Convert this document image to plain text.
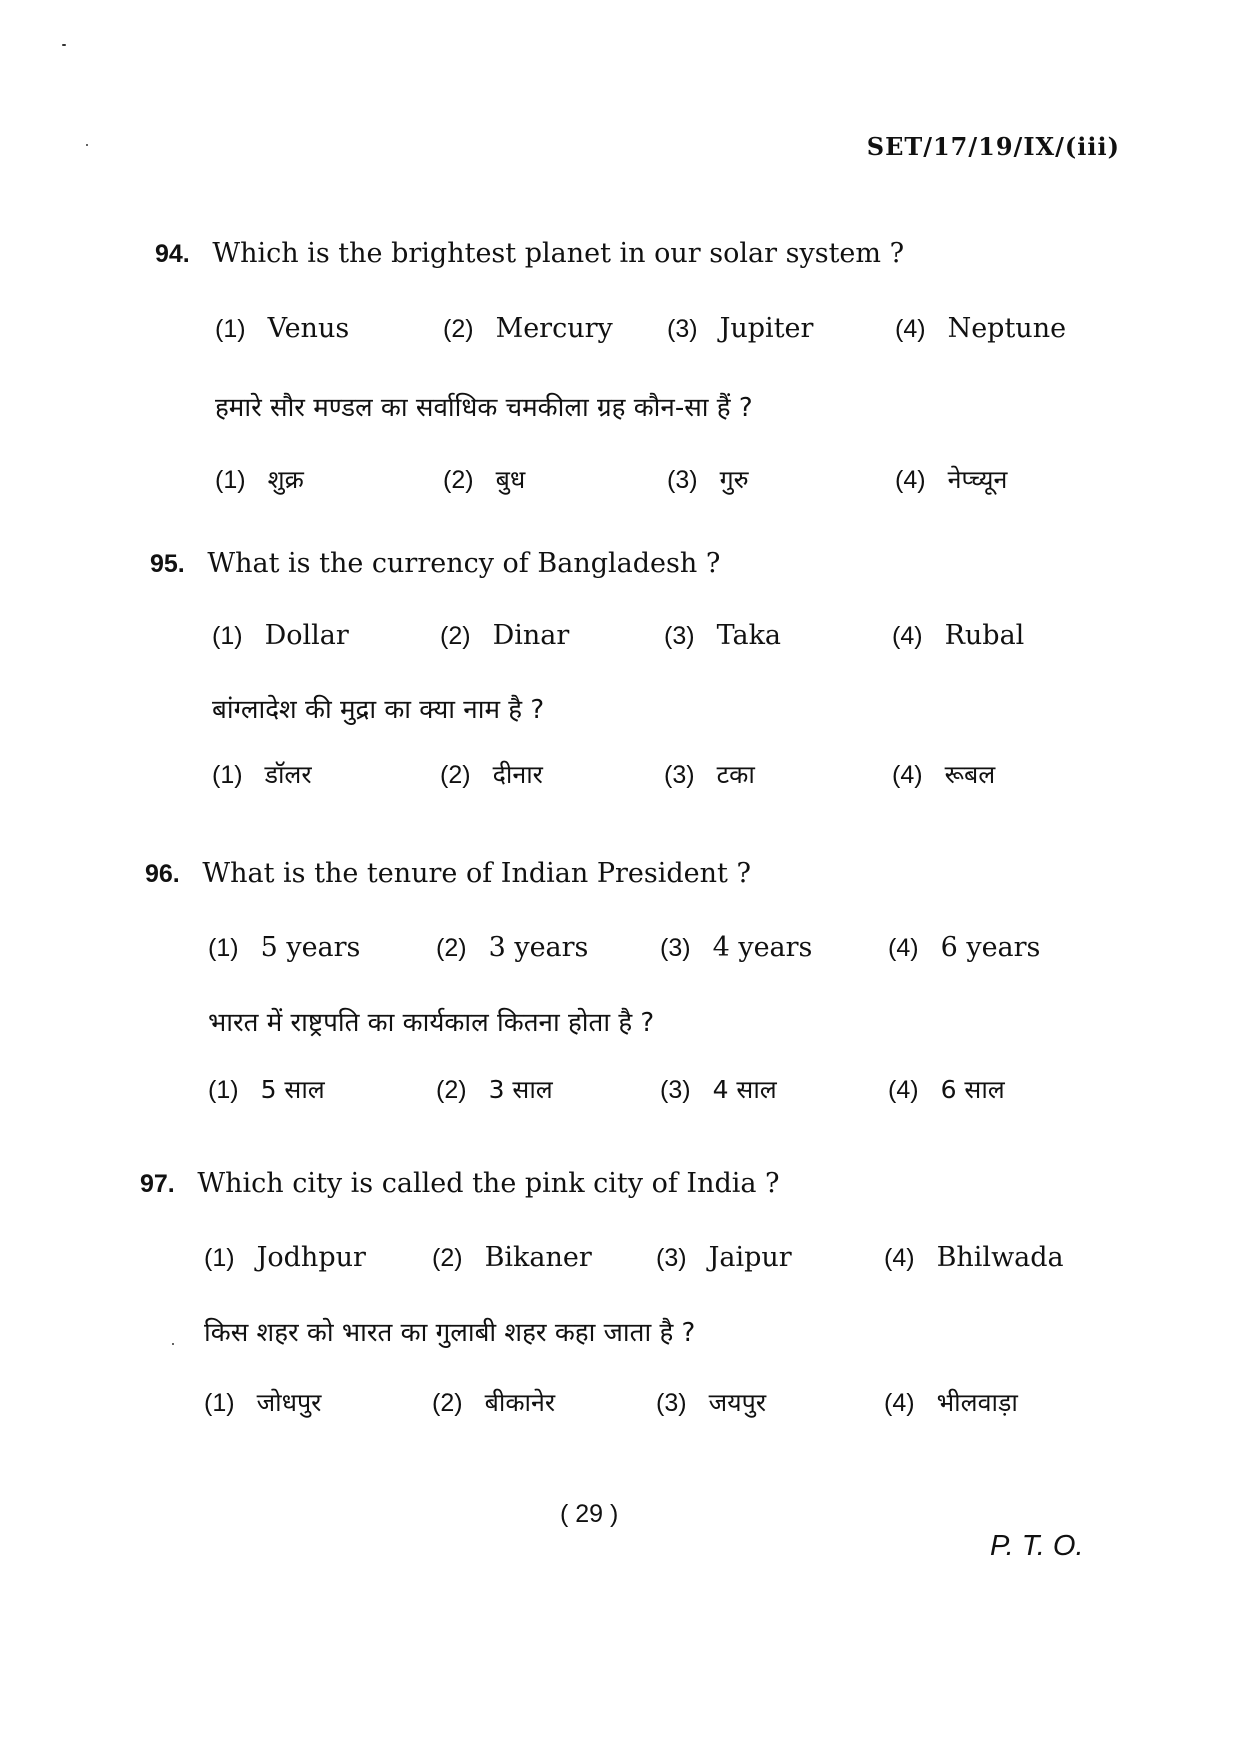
SET/17/19/IX/(iii)
94. Which is the brightest planet in our solar system ?
(1) Venus	(2) Mercury (3) Jupiter	(4) Neptune
हमारे सौर मण्डल का सर्वाधिक चमकीला ग्रह कौन-सा हैं ?
(1) शुक्र	(2) बुध	(3) गुरु	(4) नेप्च्यून
95. What is the currency of Bangladesh ?
(1) Dollar	(2) Dinar	(3) Taka	(4) Rubal
बांग्लादेश की मुद्रा का क्या नाम है ?
(1) डॉलर	(2) दीनार	(3) टका	(4) रूबल
96. What is the tenure of Indian President ?
(1) 5 years	(2) 3 years	(3) 4 years	(4) 6 years
भारत में राष्ट्रपति का कार्यकाल कितना होता है ?
(1) 5 साल	(2) 3 साल	(3) 4 साल	(4) 6 साल
97. Which city is called the pink city of India ?
(1) Jodhpur	(2) Bikaner	(3) Jaipur	(4) Bhilwada
किस शहर को भारत का गुलाबी शहर कहा जाता है ?
(1) जोधपुर	(2) बीकानेर	(3) जयपुर	(4) भीलवाड़ा
( 29 )
P. T. O.
